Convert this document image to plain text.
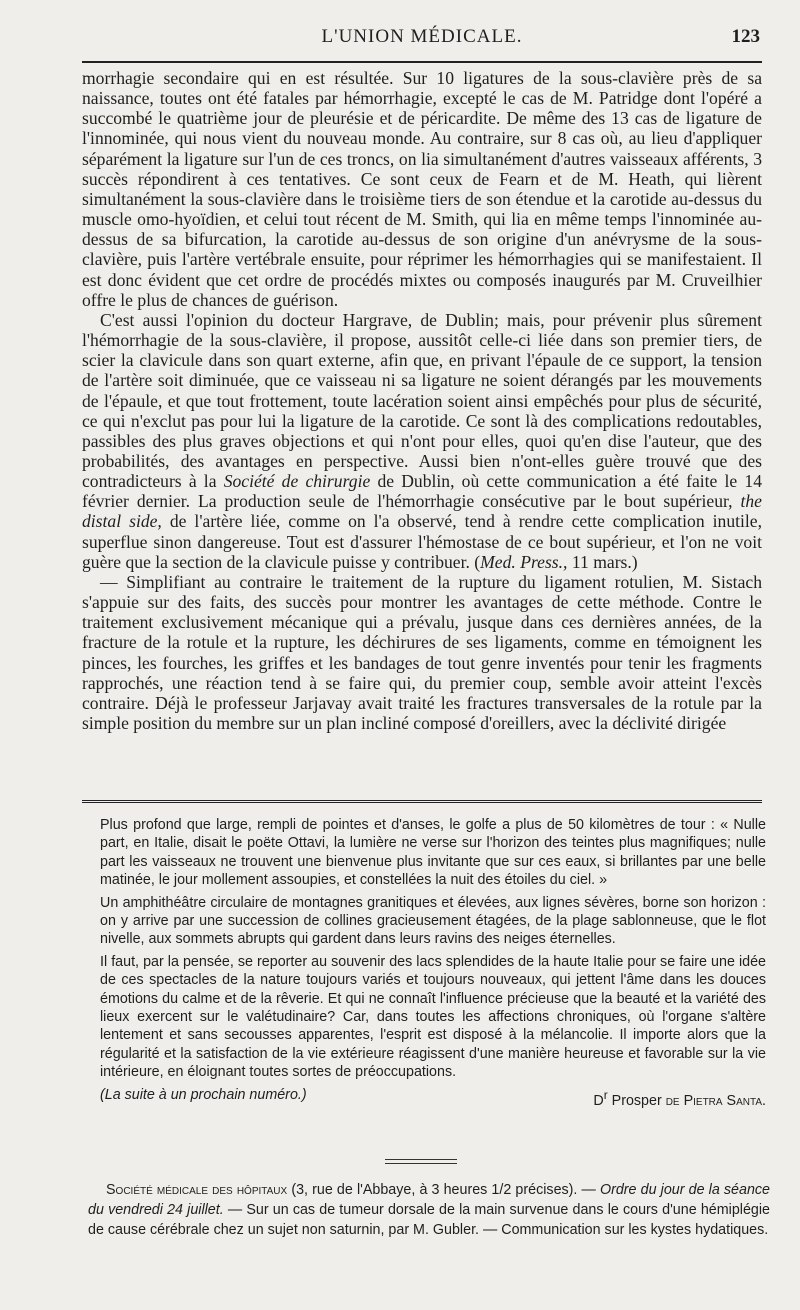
L'UNION MÉDICALE.	123

morrhagie secondaire qui en est résultée. Sur 10 ligatures de la sous-clavière près de sa naissance, toutes ont été fatales par hémorrhagie, excepté le cas de M. Patridge dont l'opéré a succombé le quatrième jour de pleurésie et de péricardite. De même des 13 cas de ligature de l'innominée, qui nous vient du nouveau monde. Au contraire, sur 8 cas où, au lieu d'appliquer séparément la ligature sur l'un de ces troncs, on lia simultanément d'autres vaisseaux afférents, 3 succès répondirent à ces tentatives. Ce sont ceux de Fearn et de M. Heath, qui lièrent simultanément la sous-clavière dans le troisième tiers de son étendue et la carotide au-dessus du muscle omo-hyoïdien, et celui tout récent de M. Smith, qui lia en même temps l'innominée au-dessus de sa bifurcation, la carotide au-dessus de son origine d'un anévrysme de la sous-clavière, puis l'artère vertébrale ensuite, pour réprimer les hémorrhagies qui se manifestaient. Il est donc évident que cet ordre de procédés mixtes ou composés inaugurés par M. Cruveilhier offre le plus de chances de guérison.

C'est aussi l'opinion du docteur Hargrave, de Dublin; mais, pour prévenir plus sûrement l'hémorrhagie de la sous-clavière, il propose, aussitôt celle-ci liée dans son premier tiers, de scier la clavicule dans son quart externe, afin que, en privant l'épaule de ce support, la tension de l'artère soit diminuée, que ce vaisseau ni sa ligature ne soient dérangés par les mouvements de l'épaule, et que tout frottement, toute lacération soient ainsi empêchés pour plus de sécurité, ce qui n'exclut pas pour lui la ligature de la carotide. Ce sont là des complications redoutables, passibles des plus graves objections et qui n'ont pour elles, quoi qu'en dise l'auteur, que des probabilités, des avantages en perspective. Aussi bien n'ont-elles guère trouvé que des contradicteurs à la Société de chirurgie de Dublin, où cette communication a été faite le 14 février dernier. La production seule de l'hémorrhagie consécutive par le bout supérieur, the distal side, de l'artère liée, comme on l'a observé, tend à rendre cette complication inutile, superflue sinon dangereuse. Tout est d'assurer l'hémostase de ce bout supérieur, et l'on ne voit guère que la section de la clavicule puisse y contribuer. (Med. Press., 11 mars.)

— Simplifiant au contraire le traitement de la rupture du ligament rotulien, M. Sistach s'appuie sur des faits, des succès pour montrer les avantages de cette méthode. Contre le traitement exclusivement mécanique qui a prévalu, jusque dans ces dernières années, de la fracture de la rotule et la rupture, les déchirures de ses ligaments, comme en témoignent les pinces, les fourches, les griffes et les bandages de tout genre inventés pour tenir les fragments rapprochés, une réaction tend à se faire qui, du premier coup, semble avoir atteint l'excès contraire. Déjà le professeur Jarjavay avait traité les fractures transversales de la rotule par la simple position du membre sur un plan incliné composé d'oreillers, avec la déclivité dirigée

Plus profond que large, rempli de pointes et d'anses, le golfe a plus de 50 kilomètres de tour : « Nulle part, en Italie, disait le poëte Ottavi, la lumière ne verse sur l'horizon des teintes plus magnifiques; nulle part les vaisseaux ne trouvent une bienvenue plus invitante que sur ces eaux, si brillantes par une belle matinée, le jour mollement assoupies, et constellées la nuit des étoiles du ciel. »

Un amphithéâtre circulaire de montagnes granitiques et élevées, aux lignes sévères, borne son horizon : on y arrive par une succession de collines gracieusement étagées, de la plage sablonneuse, que le flot nivelle, aux sommets abrupts qui gardent dans leurs ravins des neiges éternelles.

Il faut, par la pensée, se reporter au souvenir des lacs splendides de la haute Italie pour se faire une idée de ces spectacles de la nature toujours variés et toujours nouveaux, qui jettent l'âme dans les douces émotions du calme et de la rêverie. Et qui ne connaît l'influence précieuse que la beauté et la variété des lieux exercent sur le valétudinaire? Car, dans toutes les affections chroniques, où l'organe s'altère lentement et sans secousses apparentes, l'esprit est disposé à la mélancolie. Il importe alors que la régularité et la satisfaction de la vie extérieure réagissent d'une manière heureuse et favorable sur la vie intérieure, en éloignant toutes sortes de préoccupations.

(La suite à un prochain numéro.)	$D^r$ Prosper de Pietra Santa.

Société médicale des hôpitaux (3, rue de l'Abbaye, à 3 heures 1/2 précises). — Ordre du jour de la séance du vendredi 24 juillet. — Sur un cas de tumeur dorsale de la main survenue dans le cours d'une hémiplégie de cause cérébrale chez un sujet non saturnin, par M. Gubler. — Communication sur les kystes hydatiques.
